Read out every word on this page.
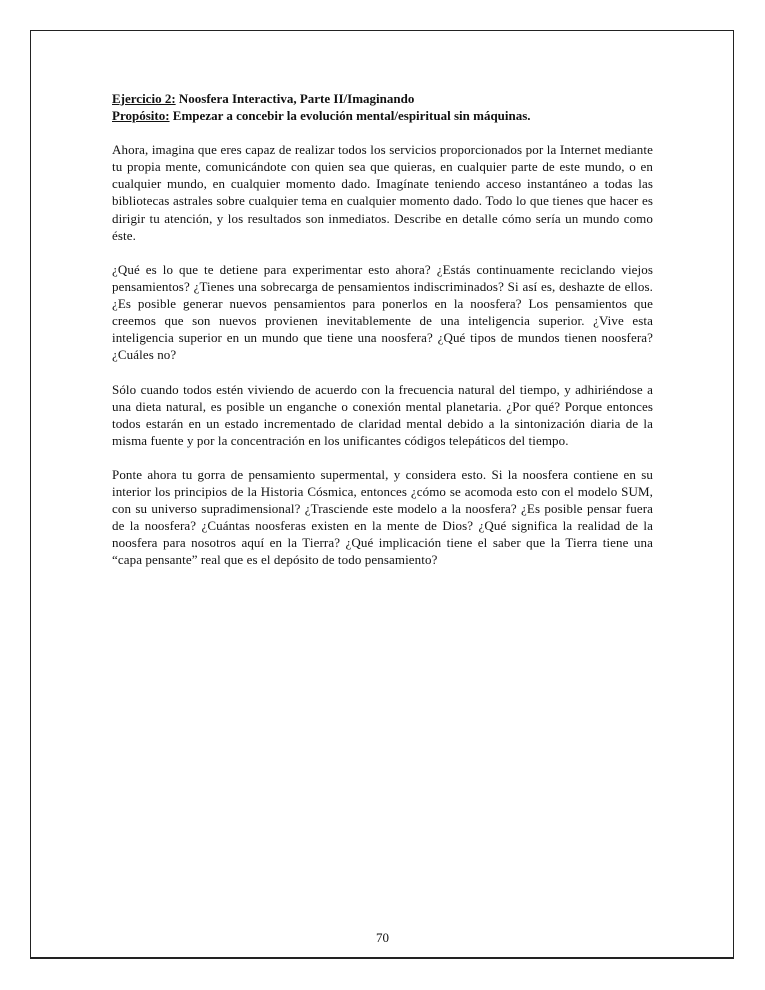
Ejercicio 2: Noosfera Interactiva, Parte II/Imaginando

Propósito: Empezar a concebir la evolución mental/espiritual sin máquinas.

Ahora, imagina que eres capaz de realizar todos los servicios proporcionados por la Internet mediante tu propia mente, comunicándote con quien sea que quieras, en cualquier parte de este mundo, o en cualquier mundo, en cualquier momento dado. Imagínate teniendo acceso instantáneo a todas las bibliotecas astrales sobre cualquier tema en cualquier momento dado. Todo lo que tienes que hacer es dirigir tu atención, y los resultados son inmediatos. Describe en detalle cómo sería un mundo como éste.

¿Qué es lo que te detiene para experimentar esto ahora? ¿Estás continuamente reciclando viejos pensamientos? ¿Tienes una sobrecarga de pensamientos indiscriminados? Si así es, deshazte de ellos. ¿Es posible generar nuevos pensamientos para ponerlos en la noosfera? Los pensamientos que creemos que son nuevos provienen inevitablemente de una inteligencia superior. ¿Vive esta inteligencia superior en un mundo que tiene una noosfera? ¿Qué tipos de mundos tienen noosfera? ¿Cuáles no?

Sólo cuando todos estén viviendo de acuerdo con la frecuencia natural del tiempo, y adhiriéndose a una dieta natural, es posible un enganche o conexión mental planetaria. ¿Por qué? Porque entonces todos estarán en un estado incrementado de claridad mental debido a la sintonización diaria de la misma fuente y por la concentración en los unificantes códigos telepáticos del tiempo.

Ponte ahora tu gorra de pensamiento supermental, y considera esto. Si la noosfera contiene en su interior los principios de la Historia Cósmica, entonces ¿cómo se acomoda esto con el modelo SUM, con su universo supradimensional? ¿Trasciende este modelo a la noosfera? ¿Es posible pensar fuera de la noosfera? ¿Cuántas noosferas existen en la mente de Dios? ¿Qué significa la realidad de la noosfera para nosotros aquí en la Tierra? ¿Qué implicación tiene el saber que la Tierra tiene una “capa pensante” real que es el depósito de todo pensamiento?

70
